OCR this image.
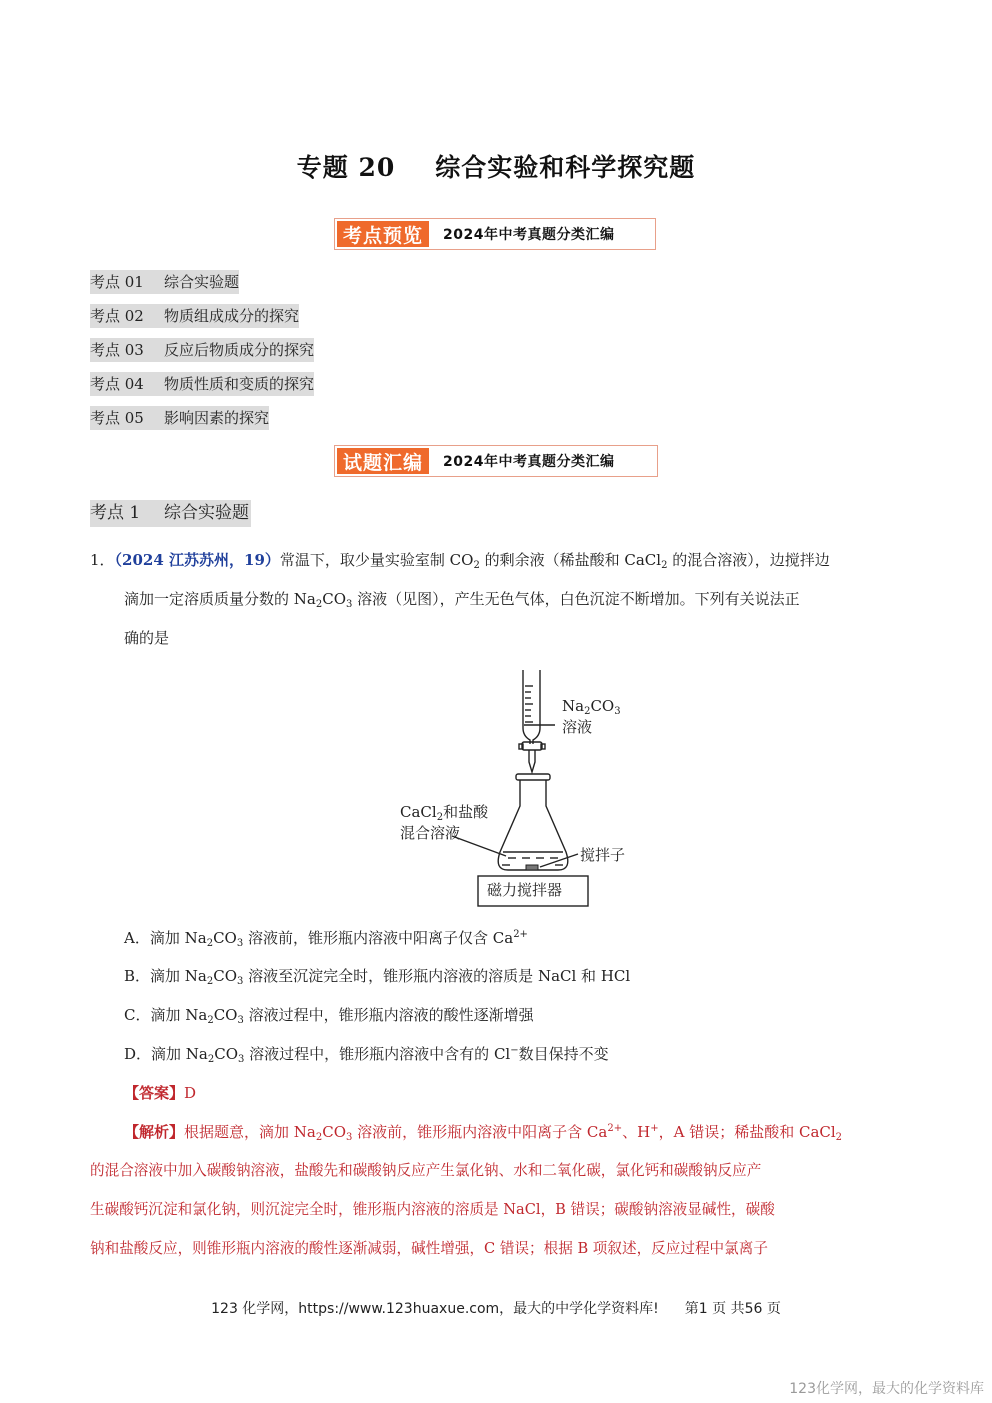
专题 20 综合实验和科学探究题
考点预览	2024年中考真题分类汇编
考点 01 综合实验题
考点 02 物质组成成分的探究
考点 03 反应后物质成分的探究
考点 04 物质性质和变质的探究
考点 05 影响因素的探究
试题汇编	2024年中考真题分类汇编
考点 1 综合实验题
1．（2024 江苏苏州，19）常温下，取少量实验室制 $CO_2$ 的剩余液（稀盐酸和 CaCl$_2$ 的混合溶液），边搅拌边
滴加一定溶质质量分数的 $Na_2CO_3$ 溶液（见图），产生无色气体，白色沉淀不断增加。下列有关说法正
确的是
$Na_2CO_3$
溶液
CaCl$_2$和盐酸
混合溶液
搅拌子
磁力搅拌器
A．滴加 $Na_2CO_3$ 溶液前，锥形瓶内溶液中阳离子仅含 $Ca^{2+}$
B．滴加 $Na_2CO_3$ 溶液至沉淀完全时，锥形瓶内溶液的溶质是 NaCl 和 HCl
C．滴加 $Na_2CO_3$ 溶液过程中，锥形瓶内溶液的酸性逐渐增强
D．滴加 $Na_2CO_3$ 溶液过程中，锥形瓶内溶液中含有的 Cl−数目保持不变
【答案】D
【解析】根据题意，滴加 $Na_2CO_3$ 溶液前，锥形瓶内溶液中阳离子含 $Ca^{2+}$、H+，A 错误；稀盐酸和 CaCl$_2$
的混合溶液中加入碳酸钠溶液，盐酸先和碳酸钠反应产生氯化钠、水和二氧化碳，氯化钙和碳酸钠反应产
生碳酸钙沉淀和氯化钠，则沉淀完全时，锥形瓶内溶液的溶质是 NaCl，B 错误；碳酸钠溶液显碱性，碳酸
钠和盐酸反应，则锥形瓶内溶液的酸性逐渐减弱，碱性增强，C 错误；根据 B 项叙述，反应过程中氯离子
123 化学网，https://www.123huaxue.com，最大的中学化学资料库! 第1 页 共56 页
123化学网，最大的化学资料库
